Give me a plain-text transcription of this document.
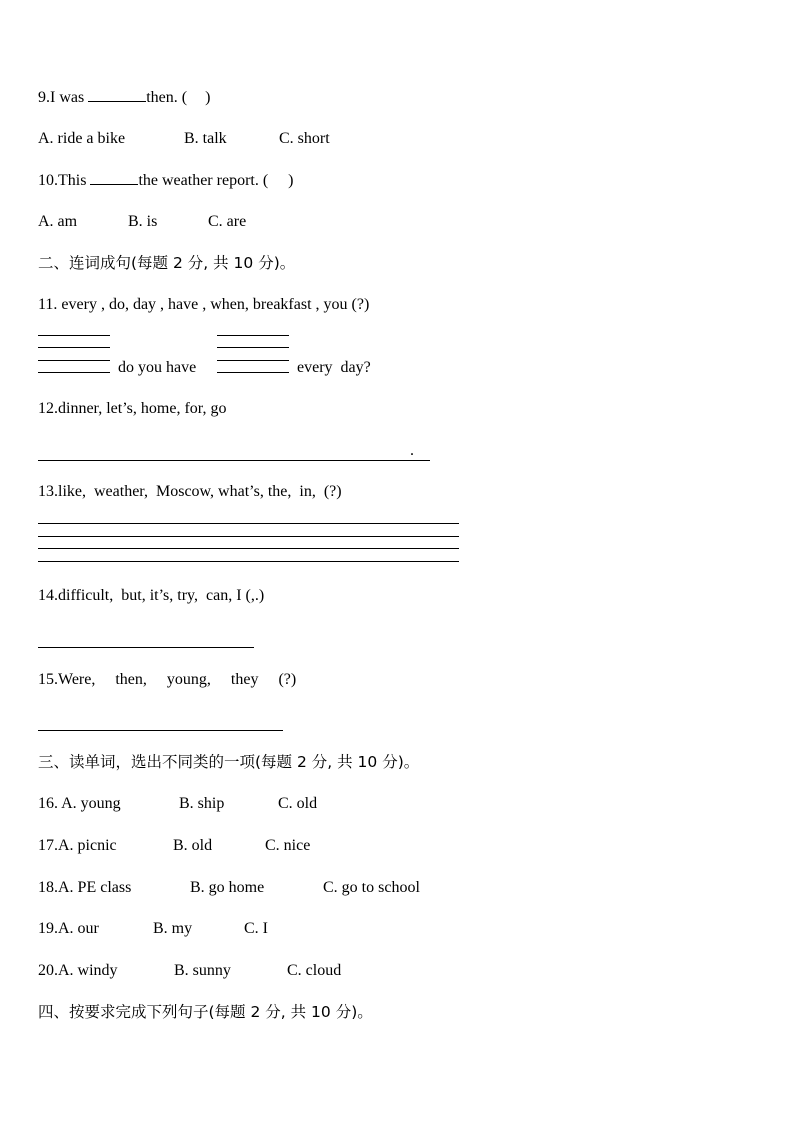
9.I was	then. ( )
A. ride a bike	B. talk	C. short
10.This	the weather report. ( )
A. am	B. is	C. are
二、连词成句(每题 2 分, 共 10 分)。
11. every , do, day , have , when, breakfast , you (?)
do you have	every  day?
12.dinner, let’s, home, for, go
.
13.like,  weather,  Moscow, what’s, the,  in,  (?)
14.difficult,  but, it’s, try,  can, I (,.)
15.Were,     then,     young,     they     (?)
三、读单词，选出不同类的一项(每题 2 分, 共 10 分)。
16. A. young	B. ship	C. old
17.A. picnic	B. old	C. nice
18.A. PE class	B. go home	C. go to school
19.A. our	B. my	C. I
20.A. windy	B. sunny	C. cloud
四、按要求完成下列句子(每题 2 分, 共 10 分)。
